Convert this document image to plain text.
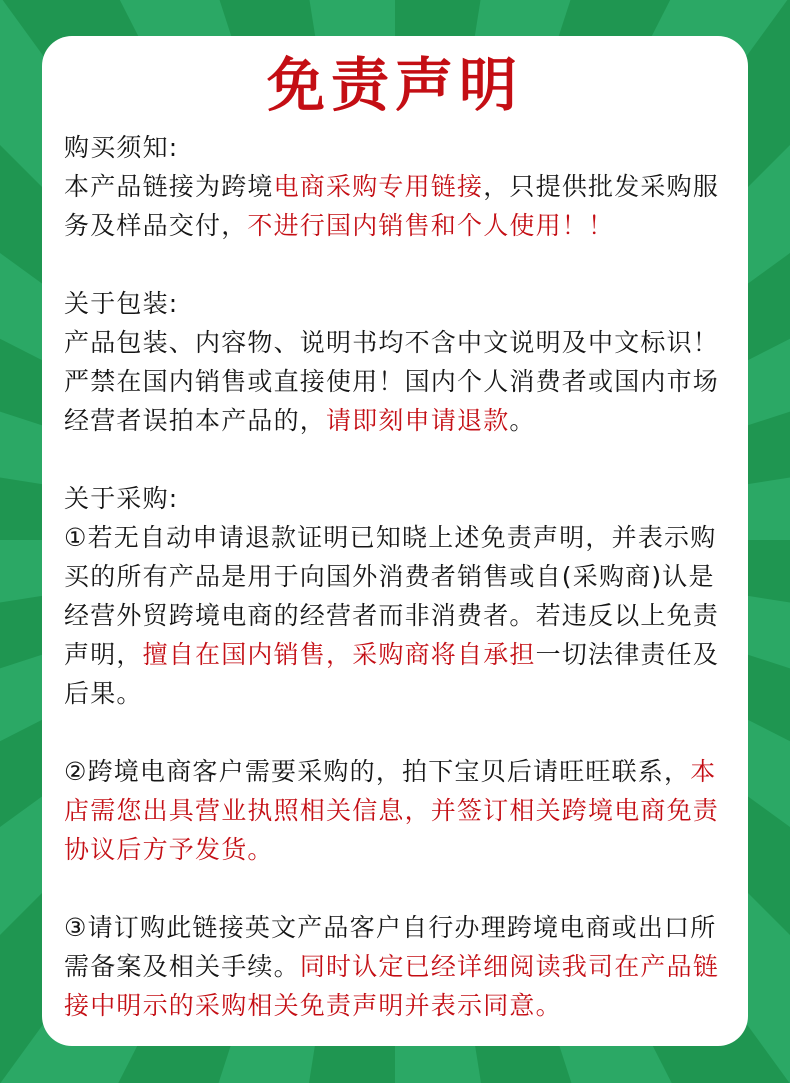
免责声明

购买须知:

本产品链接为跨境电商采购专用链接，只提供批发采购服务及样品交付，不进行国内销售和个人使用！！

关于包装:

产品包装、内容物、说明书均不含中文说明及中文标识！严禁在国内销售或直接使用！国内个人消费者或国内市场经营者误拍本产品的，请即刻申请退款。

关于采购:

①若无自动申请退款证明已知晓上述免责声明，并表示购买的所有产品是用于向国外消费者销售或自(采购商)认是经营外贸跨境电商的经营者而非消费者。若违反以上免责声明，擅自在国内销售，采购商将自承担一切法律责任及后果。

②跨境电商客户需要采购的，拍下宝贝后请旺旺联系，本店需您出具营业执照相关信息，并签订相关跨境电商免责协议后方予发货。

③请订购此链接英文产品客户自行办理跨境电商或出口所需备案及相关手续。同时认定已经详细阅读我司在产品链接中明示的采购相关免责声明并表示同意。
